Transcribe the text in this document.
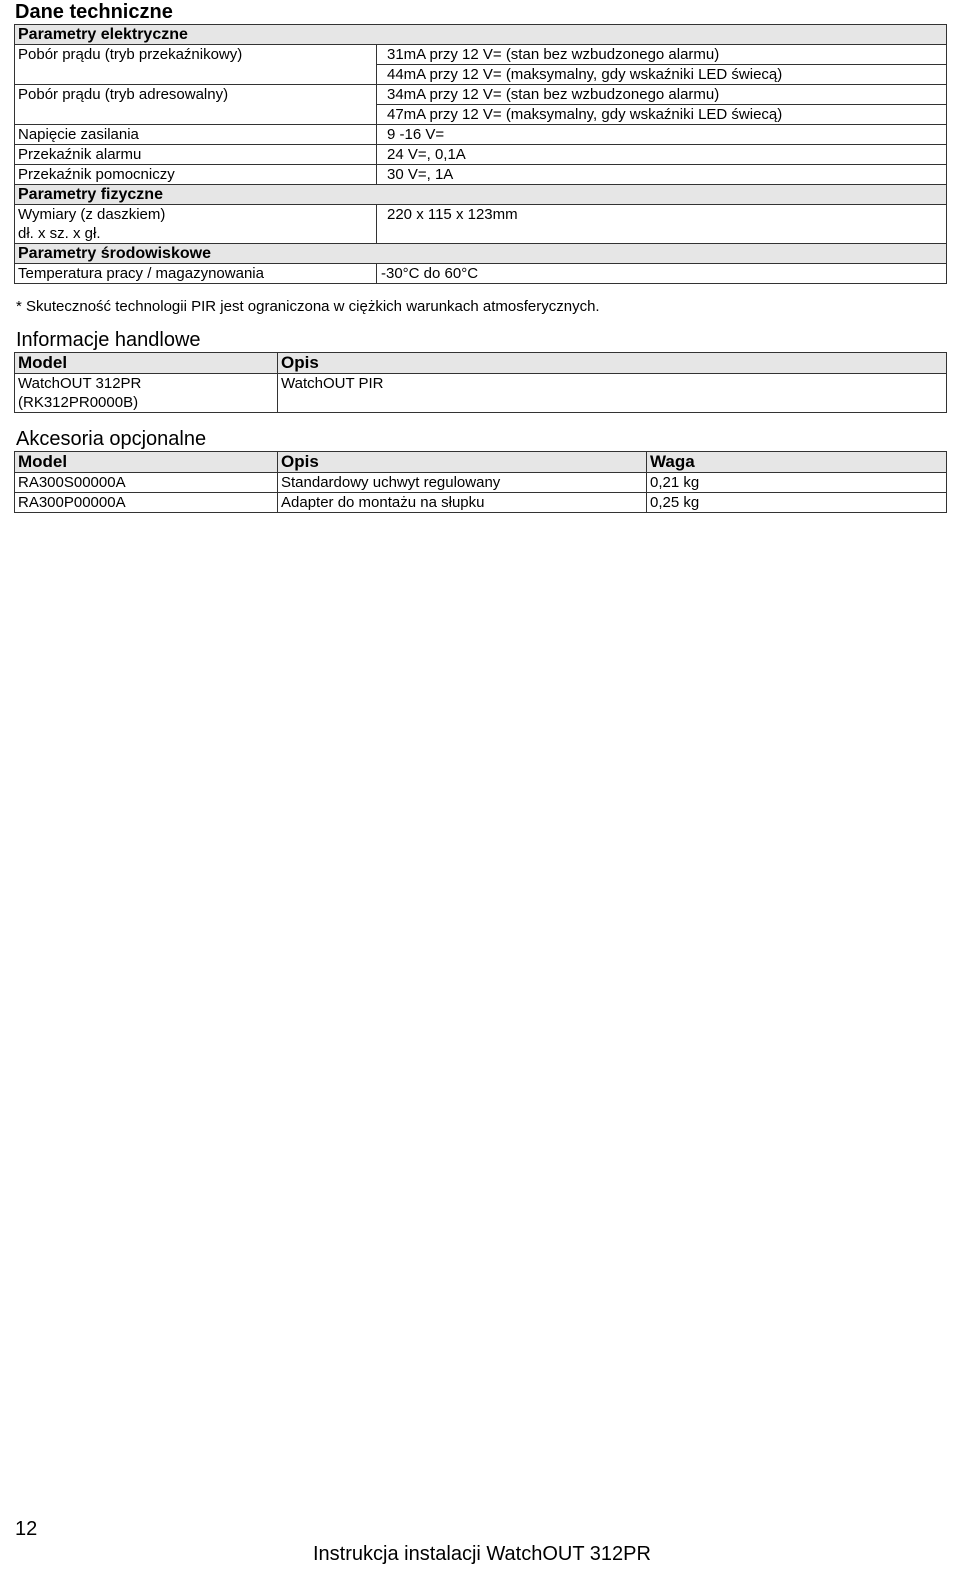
Dane techniczne
Parametry elektryczne	
Pobór prądu (tryb przekaźnikowy)	31mA przy 12 V= (stan bez wzbudzonego alarmu)
	44mA przy 12 V= (maksymalny, gdy wskaźniki LED świecą)
Pobór prądu (tryb adresowalny)	34mA przy 12 V= (stan bez wzbudzonego alarmu)
	47mA przy 12 V= (maksymalny, gdy wskaźniki LED świecą)
Napięcie zasilania	9 -16 V=
Przekaźnik alarmu	24 V=, 0,1A
Przekaźnik pomocniczy	30 V=, 1A
Parametry fizyczne	

Wymiary (z daszkiem)
dł. x sz. x gł.	220 x 115 x 123mm
Parametry środowiskowe	
Temperatura pracy / magazynowania	-30°C do 60°C
* Skuteczność technologii PIR jest ograniczona w ciężkich warunkach atmosferycznych.
Informacje handlowe
Model	Opis

WatchOUT 312PR
(RK312PR0000B)	WatchOUT PIR
Akcesoria opcjonalne
Model	Opis	Waga
RA300S00000A	Standardowy uchwyt regulowany	0,21 kg
RA300P00000A	Adapter do montażu na słupku	0,25 kg
12
Instrukcja instalacji WatchOUT 312PR
